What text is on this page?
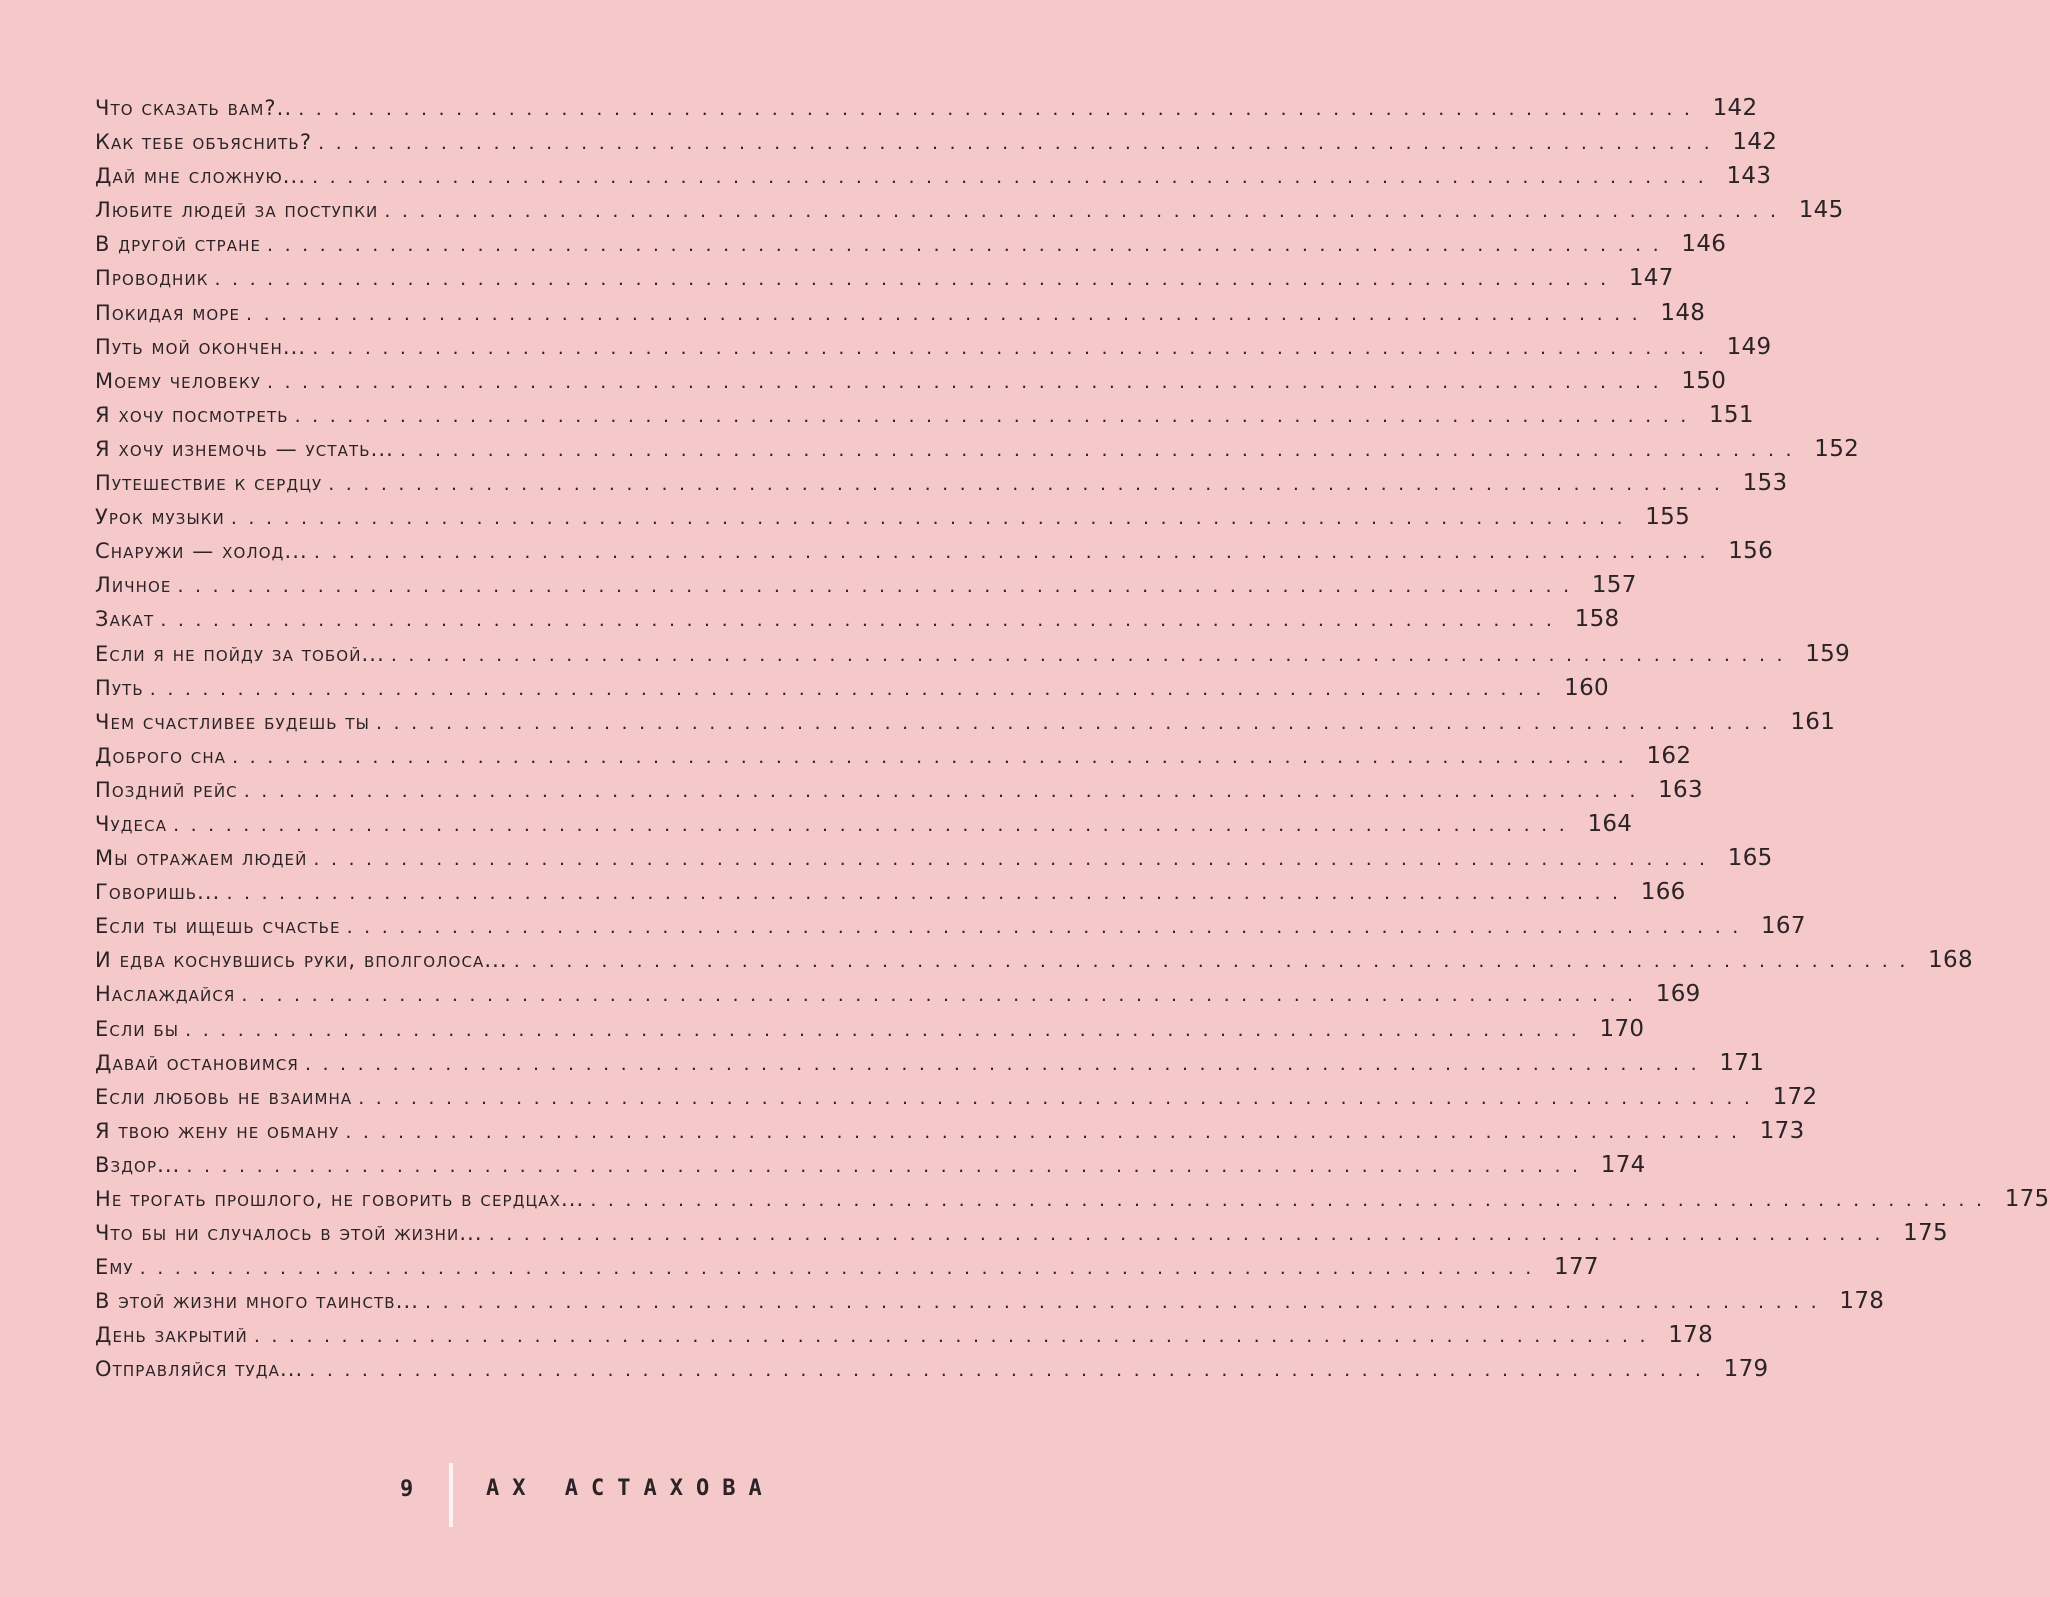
Что сказать вам?.. ................................................................................ 142
Как тебе объяснить? ................................................................................ 142
Дай мне сложную... ................................................................................ 143
Любите людей за поступки ................................................................................ 145
В другой стране ................................................................................ 146
Проводник ................................................................................ 147
Покидая море ................................................................................ 148
Путь мой окончен... ................................................................................ 149
Моему человеку ................................................................................ 150
Я хочу посмотреть ................................................................................ 151
Я хочу изнемочь — устать... ................................................................................ 152
Путешествие к сердцу ................................................................................ 153
Урок музыки ................................................................................ 155
Снаружи — холод... ................................................................................ 156
Личное ................................................................................ 157
Закат ................................................................................ 158
Если я не пойду за тобой... ................................................................................ 159
Путь ................................................................................ 160
Чем счастливее будешь ты ................................................................................ 161
Доброго сна ................................................................................ 162
Поздний рейс ................................................................................ 163
Чудеса ................................................................................ 164
Мы отражаем людей ................................................................................ 165
Говоришь... ................................................................................ 166
Если ты ищешь счастье ................................................................................ 167
И едва коснувшись руки, вполголоса... ................................................................................ 168
Наслаждайся ................................................................................ 169
Если бы ................................................................................ 170
Давай остановимся ................................................................................ 171
Если любовь не взаимна ................................................................................ 172
Я твою жену не обману ................................................................................ 173
Вздор... ................................................................................ 174
Не трогать прошлого, не говорить в сердцах... ................................................................................ 175
Что бы ни случалось в этой жизни... ................................................................................ 175
Ему ................................................................................ 177
В этой жизни много таинств... ................................................................................ 178
День закрытий ................................................................................ 178
Отправляйся туда... ................................................................................ 179
9	АХ АСТАХОВА
